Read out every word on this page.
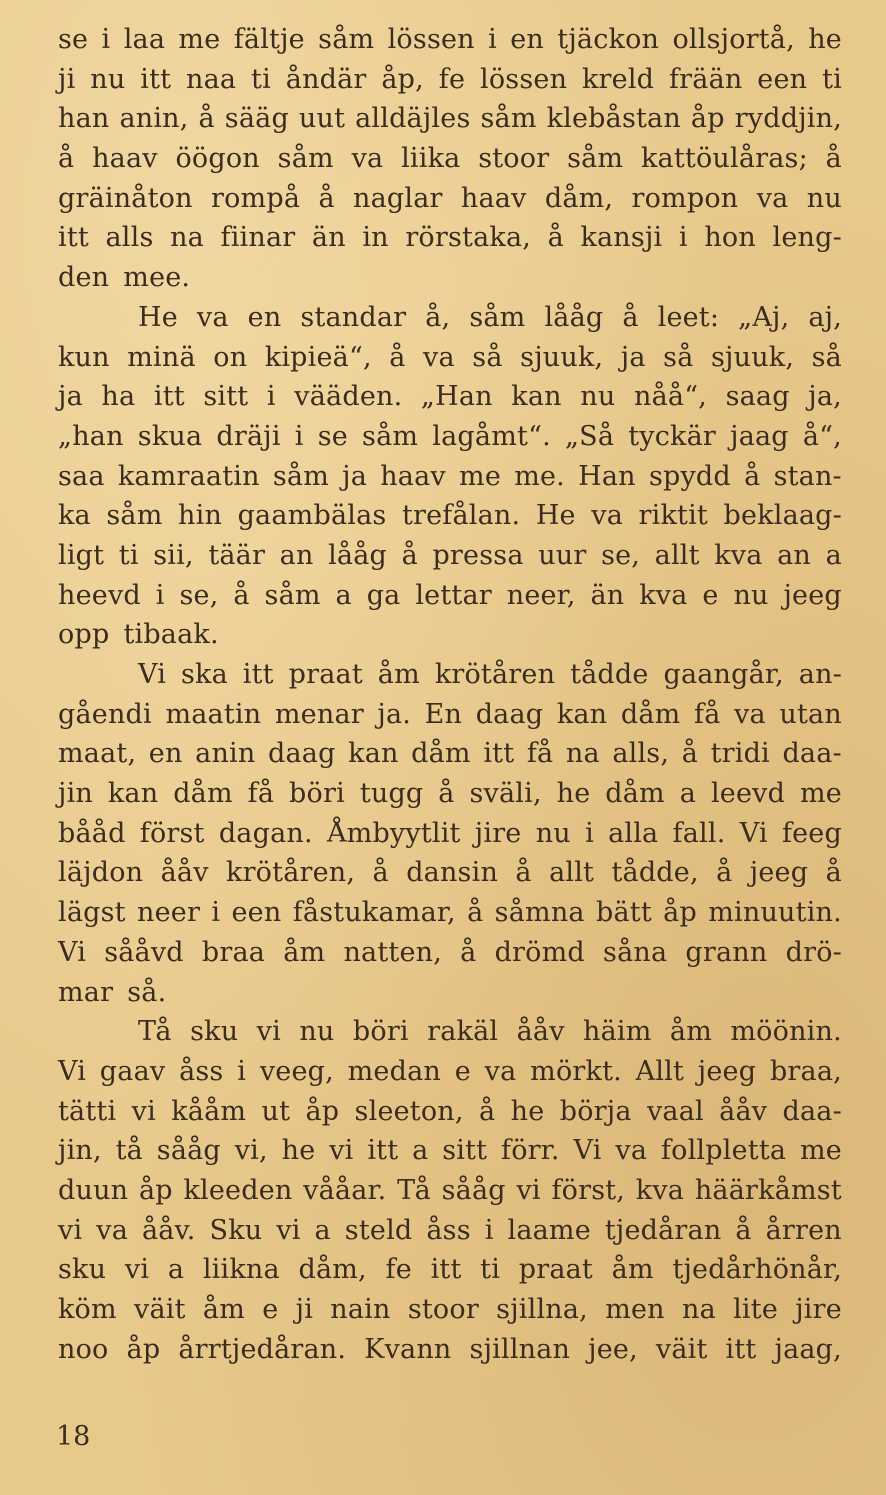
se i laa me fältje såm lössen i en tjäckon ollsjortå, he
ji nu itt naa ti åndär åp, fe lössen kreld frään een ti
han anin, å sääg uut alldäjles såm klebåstan åp ryddjin,
å haav öögon såm va liika stoor såm kattöulåras; å
gräinåton rompå å naglar haav dåm, rompon va nu
itt alls na fiinar än in rörstaka, å kansji i hon leng-
den mee.
He va en standar å, såm lååg å leet: „Aj, aj,
kun minä on kipieä“, å va så sjuuk, ja så sjuuk, så
ja ha itt sitt i vääden. „Han kan nu nåå“, saag ja,
„han skua dräji i se såm lagåmt“. „Så tyckär jaag å“,
saa kamraatin såm ja haav me me. Han spydd å stan-
ka såm hin gaambälas trefålan. He va riktit beklaag-
ligt ti sii, täär an lååg å pressa uur se, allt kva an a
heevd i se, å såm a ga lettar neer, än kva e nu jeeg
opp tibaak.
Vi ska itt praat åm krötåren tådde gaangår, an-
gåendi maatin menar ja. En daag kan dåm få va utan
maat, en anin daag kan dåm itt få na alls, å tridi daa-
jin kan dåm få böri tugg å sväli, he dåm a leevd me
bååd först dagan. Åmbyytlit jire nu i alla fall. Vi feeg
läjdon ååv krötåren, å dansin å allt tådde, å jeeg å
lägst neer i een fåstukamar, å såmna bätt åp minuutin.
Vi sååvd braa åm natten, å drömd såna grann drö-
mar så.
Tå sku vi nu böri rakäl ååv häim åm möönin.
Vi gaav åss i veeg, medan e va mörkt. Allt jeeg braa,
tätti vi kååm ut åp sleeton, å he börja vaal ååv daa-
jin, tå sååg vi, he vi itt a sitt förr. Vi va follpletta me
duun åp kleeden vååar. Tå sååg vi först, kva häärkåmst
vi va ååv. Sku vi a steld åss i laame tjedåran å årren
sku vi a liikna dåm, fe itt ti praat åm tjedårhönår,
köm väit åm e ji nain stoor sjillna, men na lite jire
noo åp årrtjedåran. Kvann sjillnan jee, väit itt jaag,
18
